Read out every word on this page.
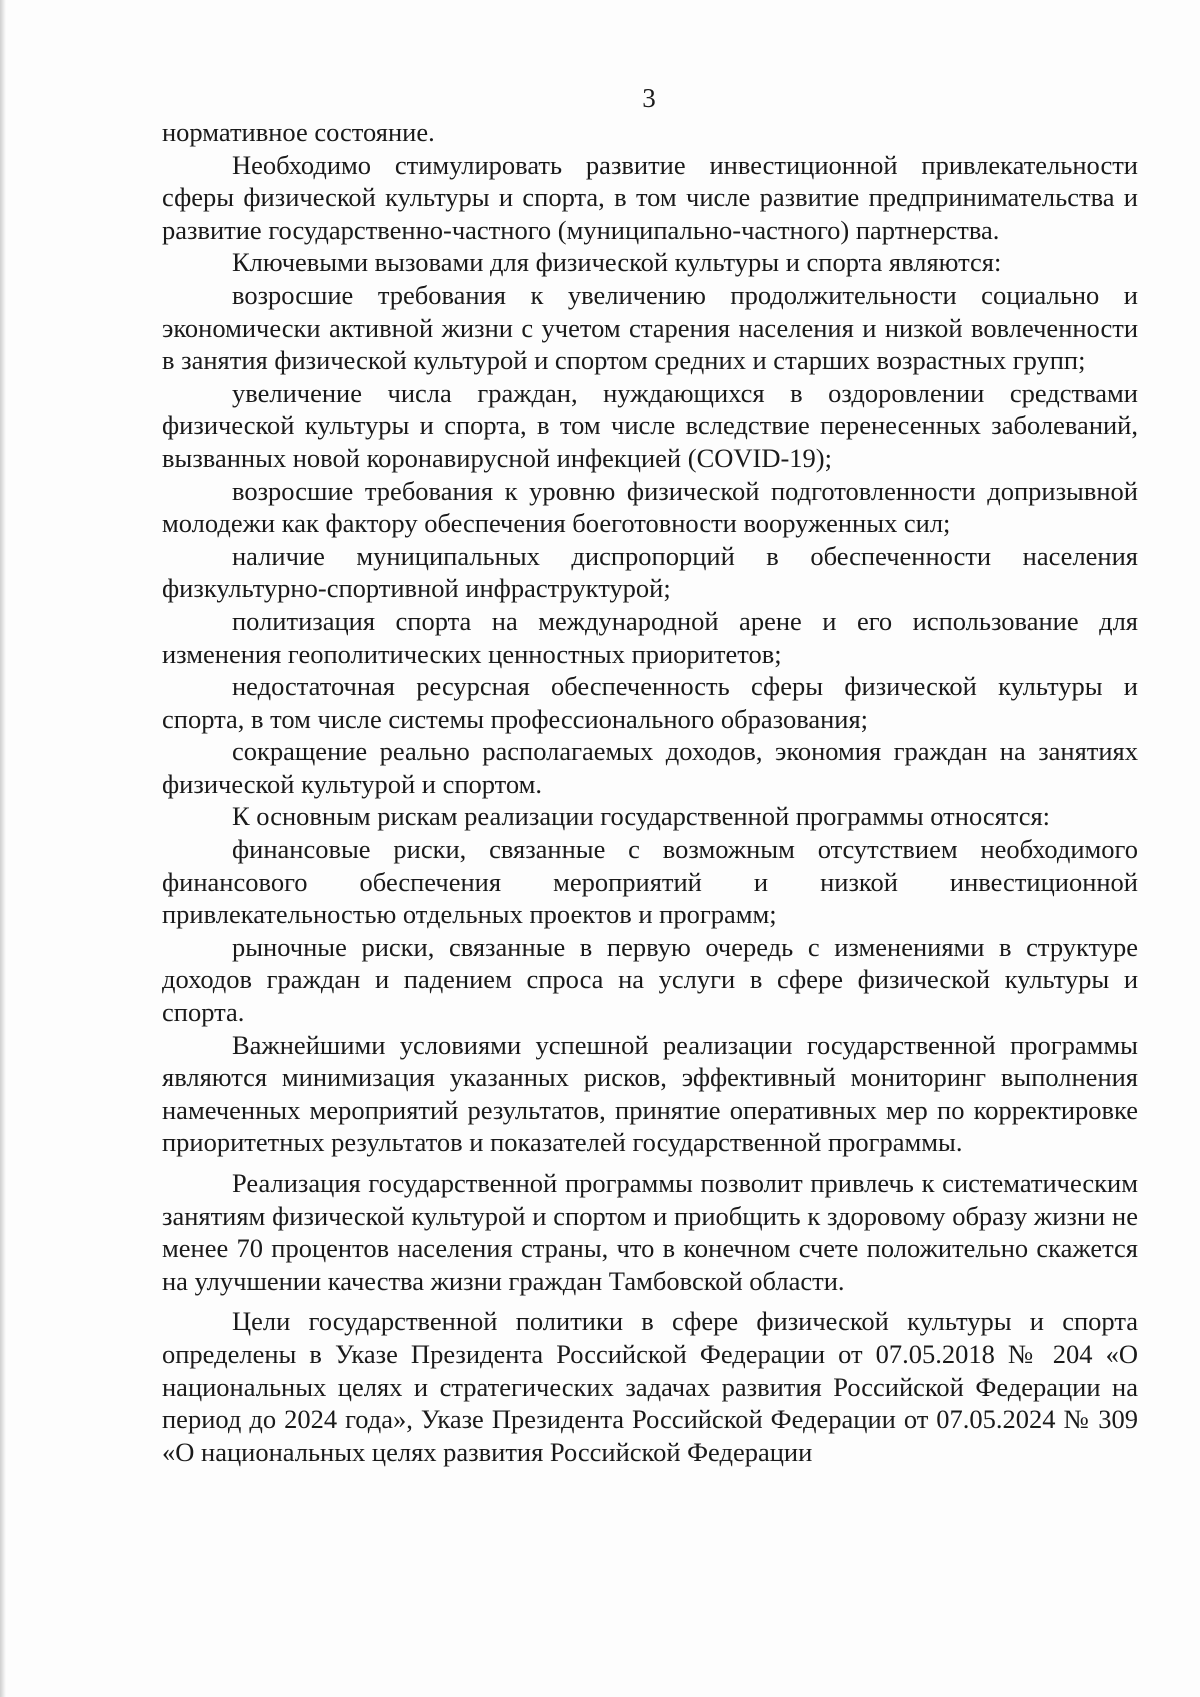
3

нормативное состояние.

Необходимо стимулировать развитие инвестиционной привлекательности сферы физической культуры и спорта, в том числе развитие предпринимательства и развитие государственно-частного (муниципально-частного) партнерства.

Ключевыми вызовами для физической культуры и спорта являются:

возросшие требования к увеличению продолжительности социально и экономически активной жизни с учетом старения населения и низкой вовлеченности в занятия физической культурой и спортом средних и старших возрастных групп;

увеличение числа граждан, нуждающихся в оздоровлении средствами физической культуры и спорта, в том числе вследствие перенесенных заболеваний, вызванных новой коронавирусной инфекцией (COVID-19);

возросшие требования к уровню физической подготовленности допризывной молодежи как фактору обеспечения боеготовности вооруженных сил;

наличие муниципальных диспропорций в обеспеченности населения физкультурно-спортивной инфраструктурой;

политизация спорта на международной арене и его использование для изменения геополитических ценностных приоритетов;

недостаточная ресурсная обеспеченность сферы физической культуры и спорта, в том числе системы профессионального образования;

сокращение реально располагаемых доходов, экономия граждан на занятиях физической культурой и спортом.

К основным рискам реализации государственной программы относятся:

финансовые риски, связанные с возможным отсутствием необходимого финансового обеспечения мероприятий и низкой инвестиционной привлекательностью отдельных проектов и программ;

рыночные риски, связанные в первую очередь с изменениями в структуре доходов граждан и падением спроса на услуги в сфере физической культуры и спорта.

Важнейшими условиями успешной реализации государственной программы являются минимизация указанных рисков, эффективный мониторинг выполнения намеченных мероприятий результатов, принятие оперативных мер по корректировке приоритетных результатов и показателей государственной программы.

Реализация государственной программы позволит привлечь к систематическим занятиям физической культурой и спортом и приобщить к здоровому образу жизни не менее 70 процентов населения страны, что в конечном счете положительно скажется на улучшении качества жизни граждан Тамбовской области.

Цели государственной политики в сфере физической культуры и спорта определены в Указе Президента Российской Федерации от 07.05.2018 № 204 «О национальных целях и стратегических задачах развития Российской Федерации на период до 2024 года», Указе Президента Российской Федерации от 07.05.2024 № 309 «О национальных целях развития Российской Федерации
